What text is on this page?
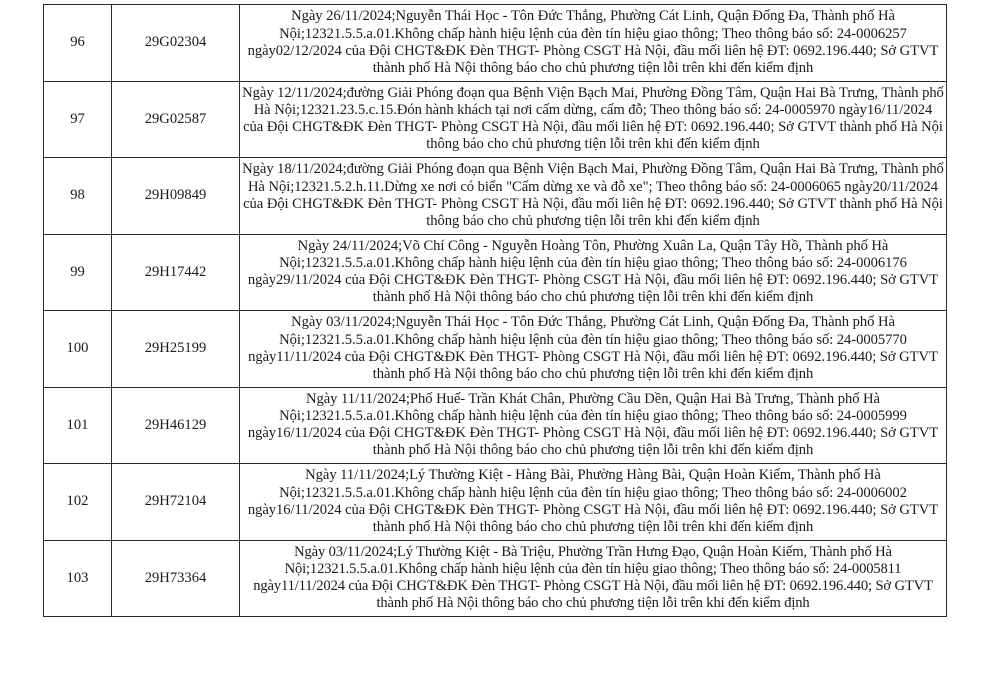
96	29G02304	Ngày 26/11/2024;Nguyễn Thái Học - Tôn Đức Thắng, Phường Cát Linh, Quận Đống Đa, Thành phố Hà Nội;12321.5.5.a.01.Không chấp hành hiệu lệnh của đèn tín hiệu giao thông; Theo thông báo số: 24-0006257 ngày02/12/2024 của Đội CHGT&ĐK Đèn THGT- Phòng CSGT Hà Nội, đầu mối liên hệ ĐT: 0692.196.440; Sở GTVT thành phố Hà Nội thông báo cho chủ phương tiện lỗi trên khi đến kiểm định
97	29G02587	Ngày 12/11/2024;đường Giải Phóng đoạn qua Bệnh Viện Bạch Mai, Phường Đồng Tâm, Quận Hai Bà Trưng, Thành phố Hà Nội;12321.23.5.c.15.Đón hành khách tại nơi cấm dừng, cấm đỗ; Theo thông báo số: 24-0005970 ngày16/11/2024 của Đội CHGT&ĐK Đèn THGT- Phòng CSGT Hà Nội, đầu mối liên hệ ĐT: 0692.196.440; Sở GTVT thành phố Hà Nội thông báo cho chủ phương tiện lỗi trên khi đến kiểm định
98	29H09849	Ngày 18/11/2024;đường Giải Phóng đoạn qua Bệnh Viện Bạch Mai, Phường Đồng Tâm, Quận Hai Bà Trưng, Thành phố Hà Nội;12321.5.2.h.11.Dừng xe nơi có biển "Cấm dừng xe và đỗ xe"; Theo thông báo số: 24-0006065 ngày20/11/2024 của Đội CHGT&ĐK Đèn THGT- Phòng CSGT Hà Nội, đầu mối liên hệ ĐT: 0692.196.440; Sở GTVT thành phố Hà Nội thông báo cho chủ phương tiện lỗi trên khi đến kiểm định
99	29H17442	Ngày 24/11/2024;Võ Chí Công - Nguyễn Hoàng Tôn, Phường Xuân La, Quận Tây Hồ, Thành phố Hà Nội;12321.5.5.a.01.Không chấp hành hiệu lệnh của đèn tín hiệu giao thông; Theo thông báo số: 24-0006176 ngày29/11/2024 của Đội CHGT&ĐK Đèn THGT- Phòng CSGT Hà Nội, đầu mối liên hệ ĐT: 0692.196.440; Sở GTVT thành phố Hà Nội thông báo cho chủ phương tiện lỗi trên khi đến kiểm định
100	29H25199	Ngày 03/11/2024;Nguyễn Thái Học - Tôn Đức Thắng, Phường Cát Linh, Quận Đống Đa, Thành phố Hà Nội;12321.5.5.a.01.Không chấp hành hiệu lệnh của đèn tín hiệu giao thông; Theo thông báo số: 24-0005770 ngày11/11/2024 của Đội CHGT&ĐK Đèn THGT- Phòng CSGT Hà Nội, đầu mối liên hệ ĐT: 0692.196.440; Sở GTVT thành phố Hà Nội thông báo cho chủ phương tiện lỗi trên khi đến kiểm định
101	29H46129	Ngày 11/11/2024;Phố Huế- Trần Khát Chân, Phường Cầu Dền, Quận Hai Bà Trưng, Thành phố Hà Nội;12321.5.5.a.01.Không chấp hành hiệu lệnh của đèn tín hiệu giao thông; Theo thông báo số: 24-0005999 ngày16/11/2024 của Đội CHGT&ĐK Đèn THGT- Phòng CSGT Hà Nội, đầu mối liên hệ ĐT: 0692.196.440; Sở GTVT thành phố Hà Nội thông báo cho chủ phương tiện lỗi trên khi đến kiểm định
102	29H72104	Ngày 11/11/2024;Lý Thường Kiệt - Hàng Bài, Phường Hàng Bài, Quận Hoàn Kiếm, Thành phố Hà Nội;12321.5.5.a.01.Không chấp hành hiệu lệnh của đèn tín hiệu giao thông; Theo thông báo số: 24-0006002 ngày16/11/2024 của Đội CHGT&ĐK Đèn THGT- Phòng CSGT Hà Nội, đầu mối liên hệ ĐT: 0692.196.440; Sở GTVT thành phố Hà Nội thông báo cho chủ phương tiện lỗi trên khi đến kiểm định
103	29H73364	Ngày 03/11/2024;Lý Thường Kiệt - Bà Triệu, Phường Trần Hưng Đạo, Quận Hoàn Kiếm, Thành phố Hà Nội;12321.5.5.a.01.Không chấp hành hiệu lệnh của đèn tín hiệu giao thông; Theo thông báo số: 24-0005811 ngày11/11/2024 của Đội CHGT&ĐK Đèn THGT- Phòng CSGT Hà Nội, đầu mối liên hệ ĐT: 0692.196.440; Sở GTVT thành phố Hà Nội thông báo cho chủ phương tiện lỗi trên khi đến kiểm định
